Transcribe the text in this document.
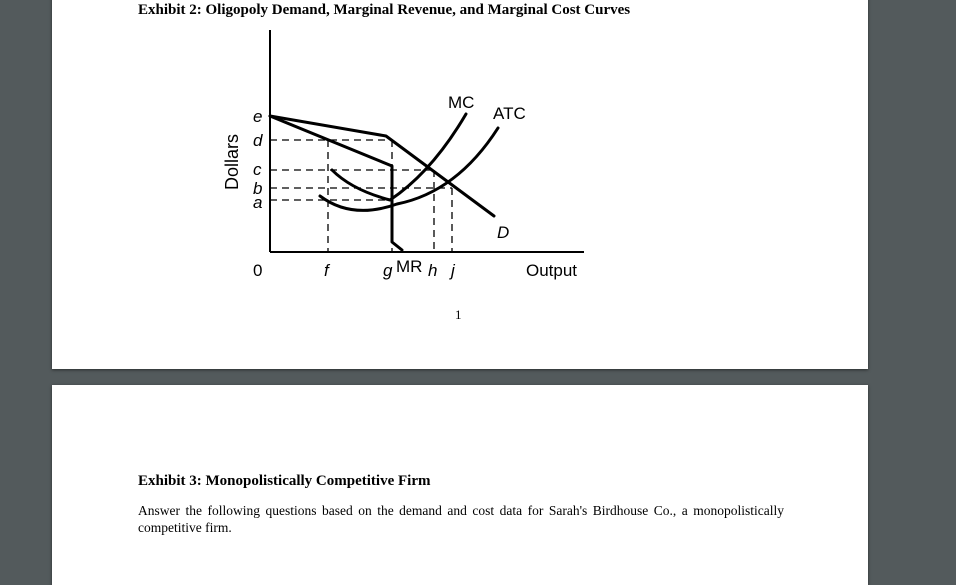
Exhibit 2: Oligopoly Demand, Marginal Revenue, and Marginal Cost Curves
Dollars
e
d
c
b
a
0	f	g h j
MC
ATC
D
MR	Output
1
Exhibit 3: Monopolistically Competitive Firm
Answer the following questions based on the demand and cost data for Sarah's Birdhouse Co., a monopolistically competitive firm.
